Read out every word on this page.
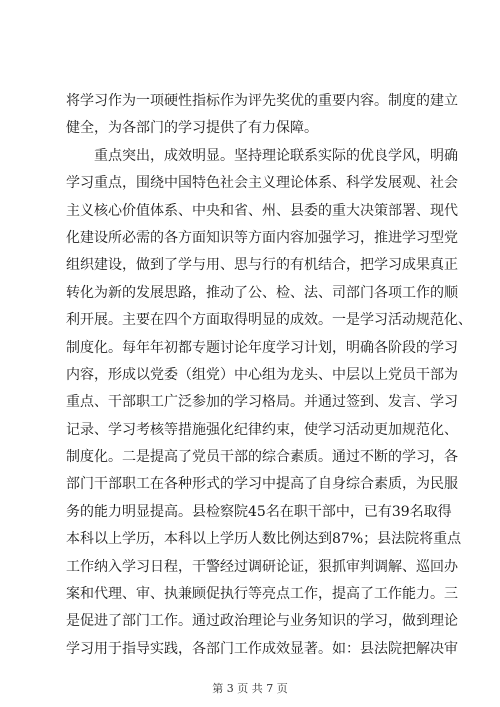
将学习作为一项硬性指标作为评先奖优的重要内容。制度的建立
健全，为各部门的学习提供了有力保障。
　　重点突出，成效明显。坚持理论联系实际的优良学风，明确
学习重点，围绕中国特色社会主义理论体系、科学发展观、社会
主义核心价值体系、中央和省、州、县委的重大决策部署、现代
化建设所必需的各方面知识等方面内容加强学习，推进学习型党
组织建设，做到了学与用、思与行的有机结合，把学习成果真正
转化为新的发展思路，推动了公、检、法、司部门各项工作的顺
利开展。主要在四个方面取得明显的成效。一是学习活动规范化、
制度化。每年年初都专题讨论年度学习计划，明确各阶段的学习
内容，形成以党委（组党）中心组为龙头、中层以上党员干部为
重点、干部职工广泛参加的学习格局。并通过签到、发言、学习
记录、学习考核等措施强化纪律约束，使学习活动更加规范化、
制度化。二是提高了党员干部的综合素质。通过不断的学习，各
部门干部职工在各种形式的学习中提高了自身综合素质，为民服
务的能力明显提高。县检察院45名在职干部中，已有39名取得
本科以上学历，本科以上学历人数比例达到87%；县法院将重点
工作纳入学习日程，干警经过调研论证，狠抓审判调解、巡回办
案和代理、审、执兼顾促执行等亮点工作，提高了工作能力。三
是促进了部门工作。通过政治理论与业务知识的学习，做到理论
学习用于指导实践，各部门工作成效显著。如：县法院把解决审
第 3 页 共 7 页
